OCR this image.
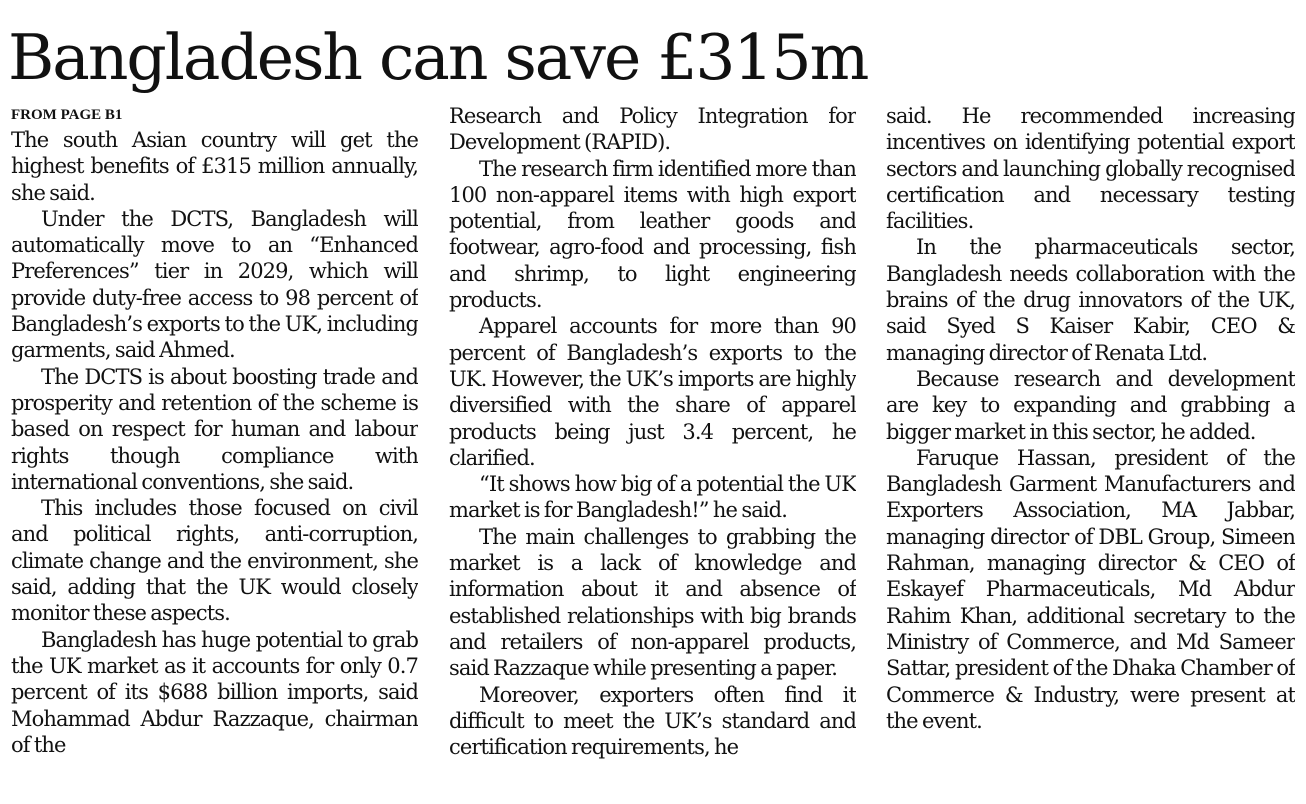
Bangladesh can save £315m
FROM PAGE B1

The south Asian country will get the highest benefits of £315 million annually, she said.

Under the DCTS, Bangladesh will automatically move to an “Enhanced Preferences” tier in 2029, which will provide duty-free access to 98 percent of Bangladesh’s exports to the UK, including garments, said Ahmed.

The DCTS is about boosting trade and prosperity and retention of the scheme is based on respect for human and labour rights though compliance with international conventions, she said.

This includes those focused on civil and political rights, anti-corruption, climate change and the environment, she said, adding that the UK would closely monitor these aspects.

Bangladesh has huge potential to grab the UK market as it accounts for only 0.7 percent of its $688 billion imports, said Mohammad Abdur Razzaque, chairman of the

Research and Policy Integration for Development (RAPID).

The research firm identified more than 100 non-apparel items with high export potential, from leather goods and footwear, agro-food and processing, fish and shrimp, to light engineering products.

Apparel accounts for more than 90 percent of Bangladesh’s exports to the UK. However, the UK’s imports are highly diversified with the share of apparel products being just 3.4 percent, he clarified.

“It shows how big of a potential the UK market is for Bangladesh!” he said.

The main challenges to grabbing the market is a lack of knowledge and information about it and absence of established relationships with big brands and retailers of non-apparel products, said Razzaque while presenting a paper.

Moreover, exporters often find it difficult to meet the UK’s standard and certification requirements, he

said. He recommended increasing incentives on identifying potential export sectors and launching globally recognised certification and necessary testing facilities.

In the pharmaceuticals sector, Bangladesh needs collaboration with the brains of the drug innovators of the UK, said Syed S Kaiser Kabir, CEO & managing director of Renata Ltd.

Because research and development are key to expanding and grabbing a bigger market in this sector, he added.

Faruque Hassan, president of the Bangladesh Garment Manufacturers and Exporters Association, MA Jabbar, managing director of DBL Group, Simeen Rahman, managing director & CEO of Eskayef Pharmaceuticals, Md Abdur Rahim Khan, additional secretary to the Ministry of Commerce, and Md Sameer Sattar, president of the Dhaka Chamber of Commerce & Industry, were present at the event.
